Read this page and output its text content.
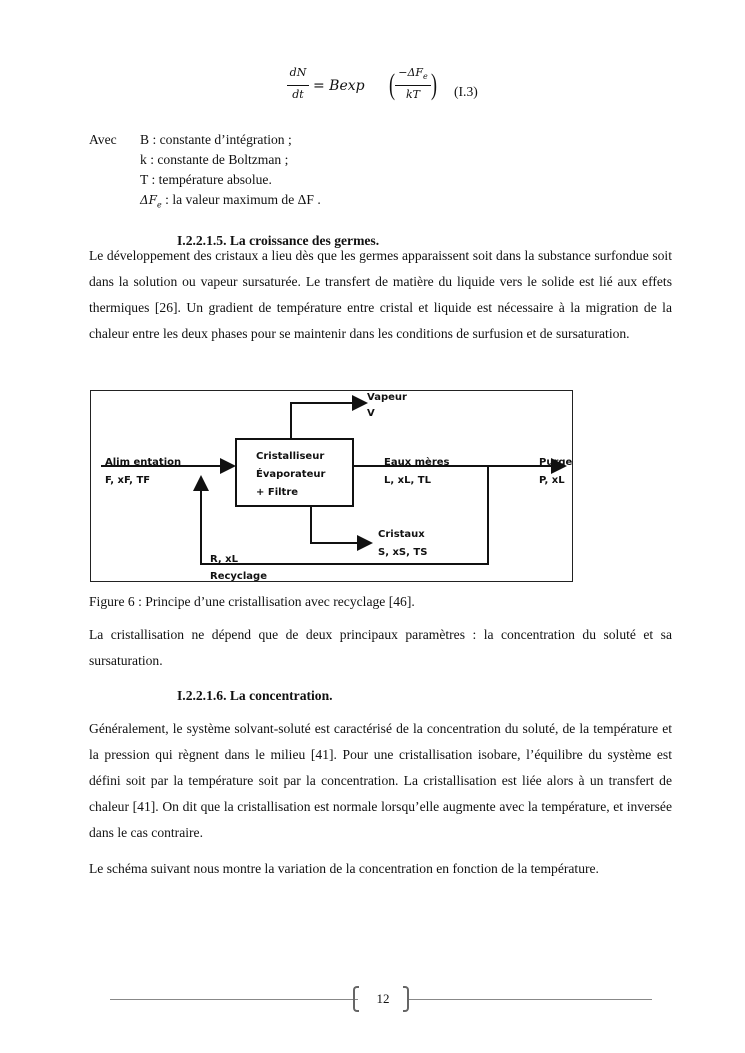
dN
dt
= Bexp ( $-\Delta F_e$
kT ) (I.3)
Avec B : constante d’intégration ;
k : constante de Boltzman ;
T : température absolue.
$\Delta F_e$ : la valeur maximum de ΔF .
I.2.2.1.5. La croissance des germes.
Le développement des cristaux a lieu dès que les germes apparaissent soit dans la substance surfondue soit dans la solution ou vapeur sursaturée. Le transfert de matière du liquide vers le solide est lié aux effets thermiques [26]. Un gradient de température entre cristal et liquide est nécessaire à la migration de la chaleur entre les deux phases pour se maintenir dans les conditions de surfusion et de sursaturation.
Vapeur
V
Alim entation
F, xF, TF
Cristalliseur
Évaporateur
+ Filtre
Eaux mères
L, xL, TL
Purge
P, xL
Cristaux
S, xS, TS
R, xL
Recyclage
Figure 6 : Principe d’une cristallisation avec recyclage [46].
La cristallisation ne dépend que de deux principaux paramètres : la concentration du soluté et sa sursaturation.
I.2.2.1.6. La concentration.
Généralement, le système solvant-soluté est caractérisé de la concentration du soluté, de la température et la pression qui règnent dans le milieu [41]. Pour une cristallisation isobare, l’équilibre du système est défini soit par la température soit par la concentration. La cristallisation est liée alors à un transfert de chaleur [41]. On dit que la cristallisation est normale lorsqu’elle augmente avec la température, et inversée dans le cas contraire.
Le schéma suivant nous montre la variation de la concentration en fonction de la température.
12
